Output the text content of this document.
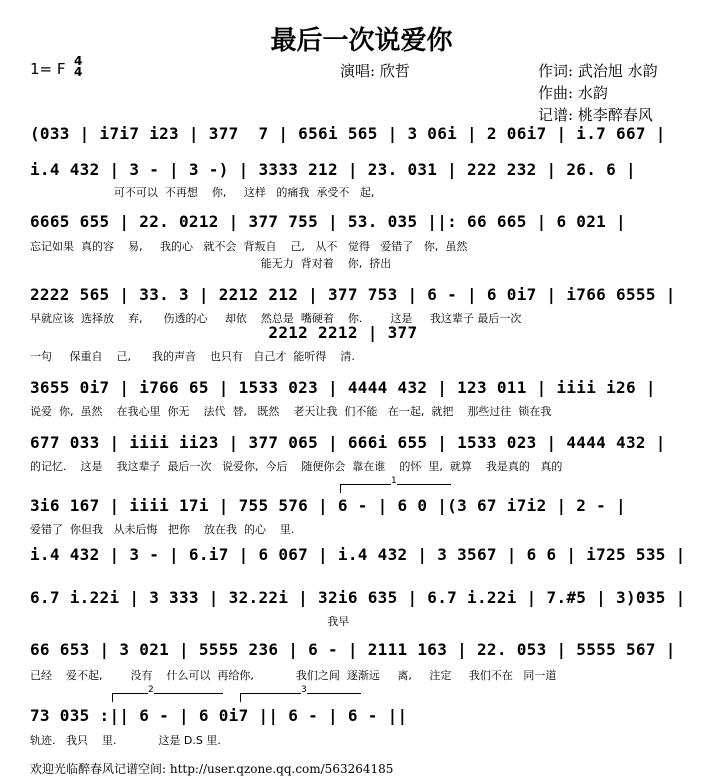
最后一次说爱你
1= F 4
4	演唱: 欣哲	作词: 武治旭 水韵
作曲: 水韵
记谱: 桃李醉春风
(033 | i7i7 i23 | 377  7 | 656i 565 | 3 06i | 2 06i7 | i.7 667 |
i.4 432 | 3 - | 3 -) | 3333 212 | 23. 031 | 222 232 | 26. 6 |
可不可以  不再想    你,     这样   的痛我  承受不   起,
6665 655 | 22. 0212 | 377 755 | 53. 035 ||: 66 665 | 6 021 |
忘记如果  真的容    易,     我的心   就不会  背叛自    己,   从不   觉得   爱错了   你,  虽然
能无力  背对着    你,  挤出
2222 565 | 33. 3 | 2212 212 | 377 753 | 6 - | 6 0i7 | i766 6555 |
早就应该  选择放    弃,      伤透的心     却依    然总是  嘴硬着    你.        这是     我这辈子 最后一次
2212 2212 | 377
一句     保重自    己,      我的声音    也只有   自己才  能听得    清.
3655 0i7 | i766 65 | 1533 023 | 4444 432 | 123 011 | iiii i26 |
说爱  你,  虽然    在我心里  你无    法代  替,   既然    老天让我  们不能   在一起,  就把    那些过往  锁在我
677 033 | iiii ii23 | 377 065 | 666i 655 | 1533 023 | 4444 432 |
的记忆.    这是    我这辈子  最后一次   说爱你,  今后    随便你会  靠在谁    的怀  里,  就算    我是真的   真的
1
3i6 167 | iiii 17i | 755 576 | 6 - | 6 0 |(3 67 i7i2 | 2 - |
爱错了  你但我   从未后悔   把你    放在我  的心    里.
i.4 432 | 3 - | 6.i7 | 6 067 | i.4 432 | 3 3567 | 6 6 | i725 535 |
6.7 i.22i | 3 333 | 32.22i | 32i6 635 | 6.7 i.22i | 7.#5 | 3)035 |
我早
66 653 | 3 021 | 5555 236 | 6 - | 2111 163 | 22. 053 | 5555 567 |
已经    爱不起,        没有    什么可以  再给你,            我们之间  逐渐远     离,     注定     我们不在   同一道
2	3
73 035 :|| 6 - | 6 0i7 || 6 - | 6 - ||
轨迹.   我只    里.            这是 D.S 里.
欢迎光临醉春风记谱空间: http://user.qzone.qq.com/563264185
